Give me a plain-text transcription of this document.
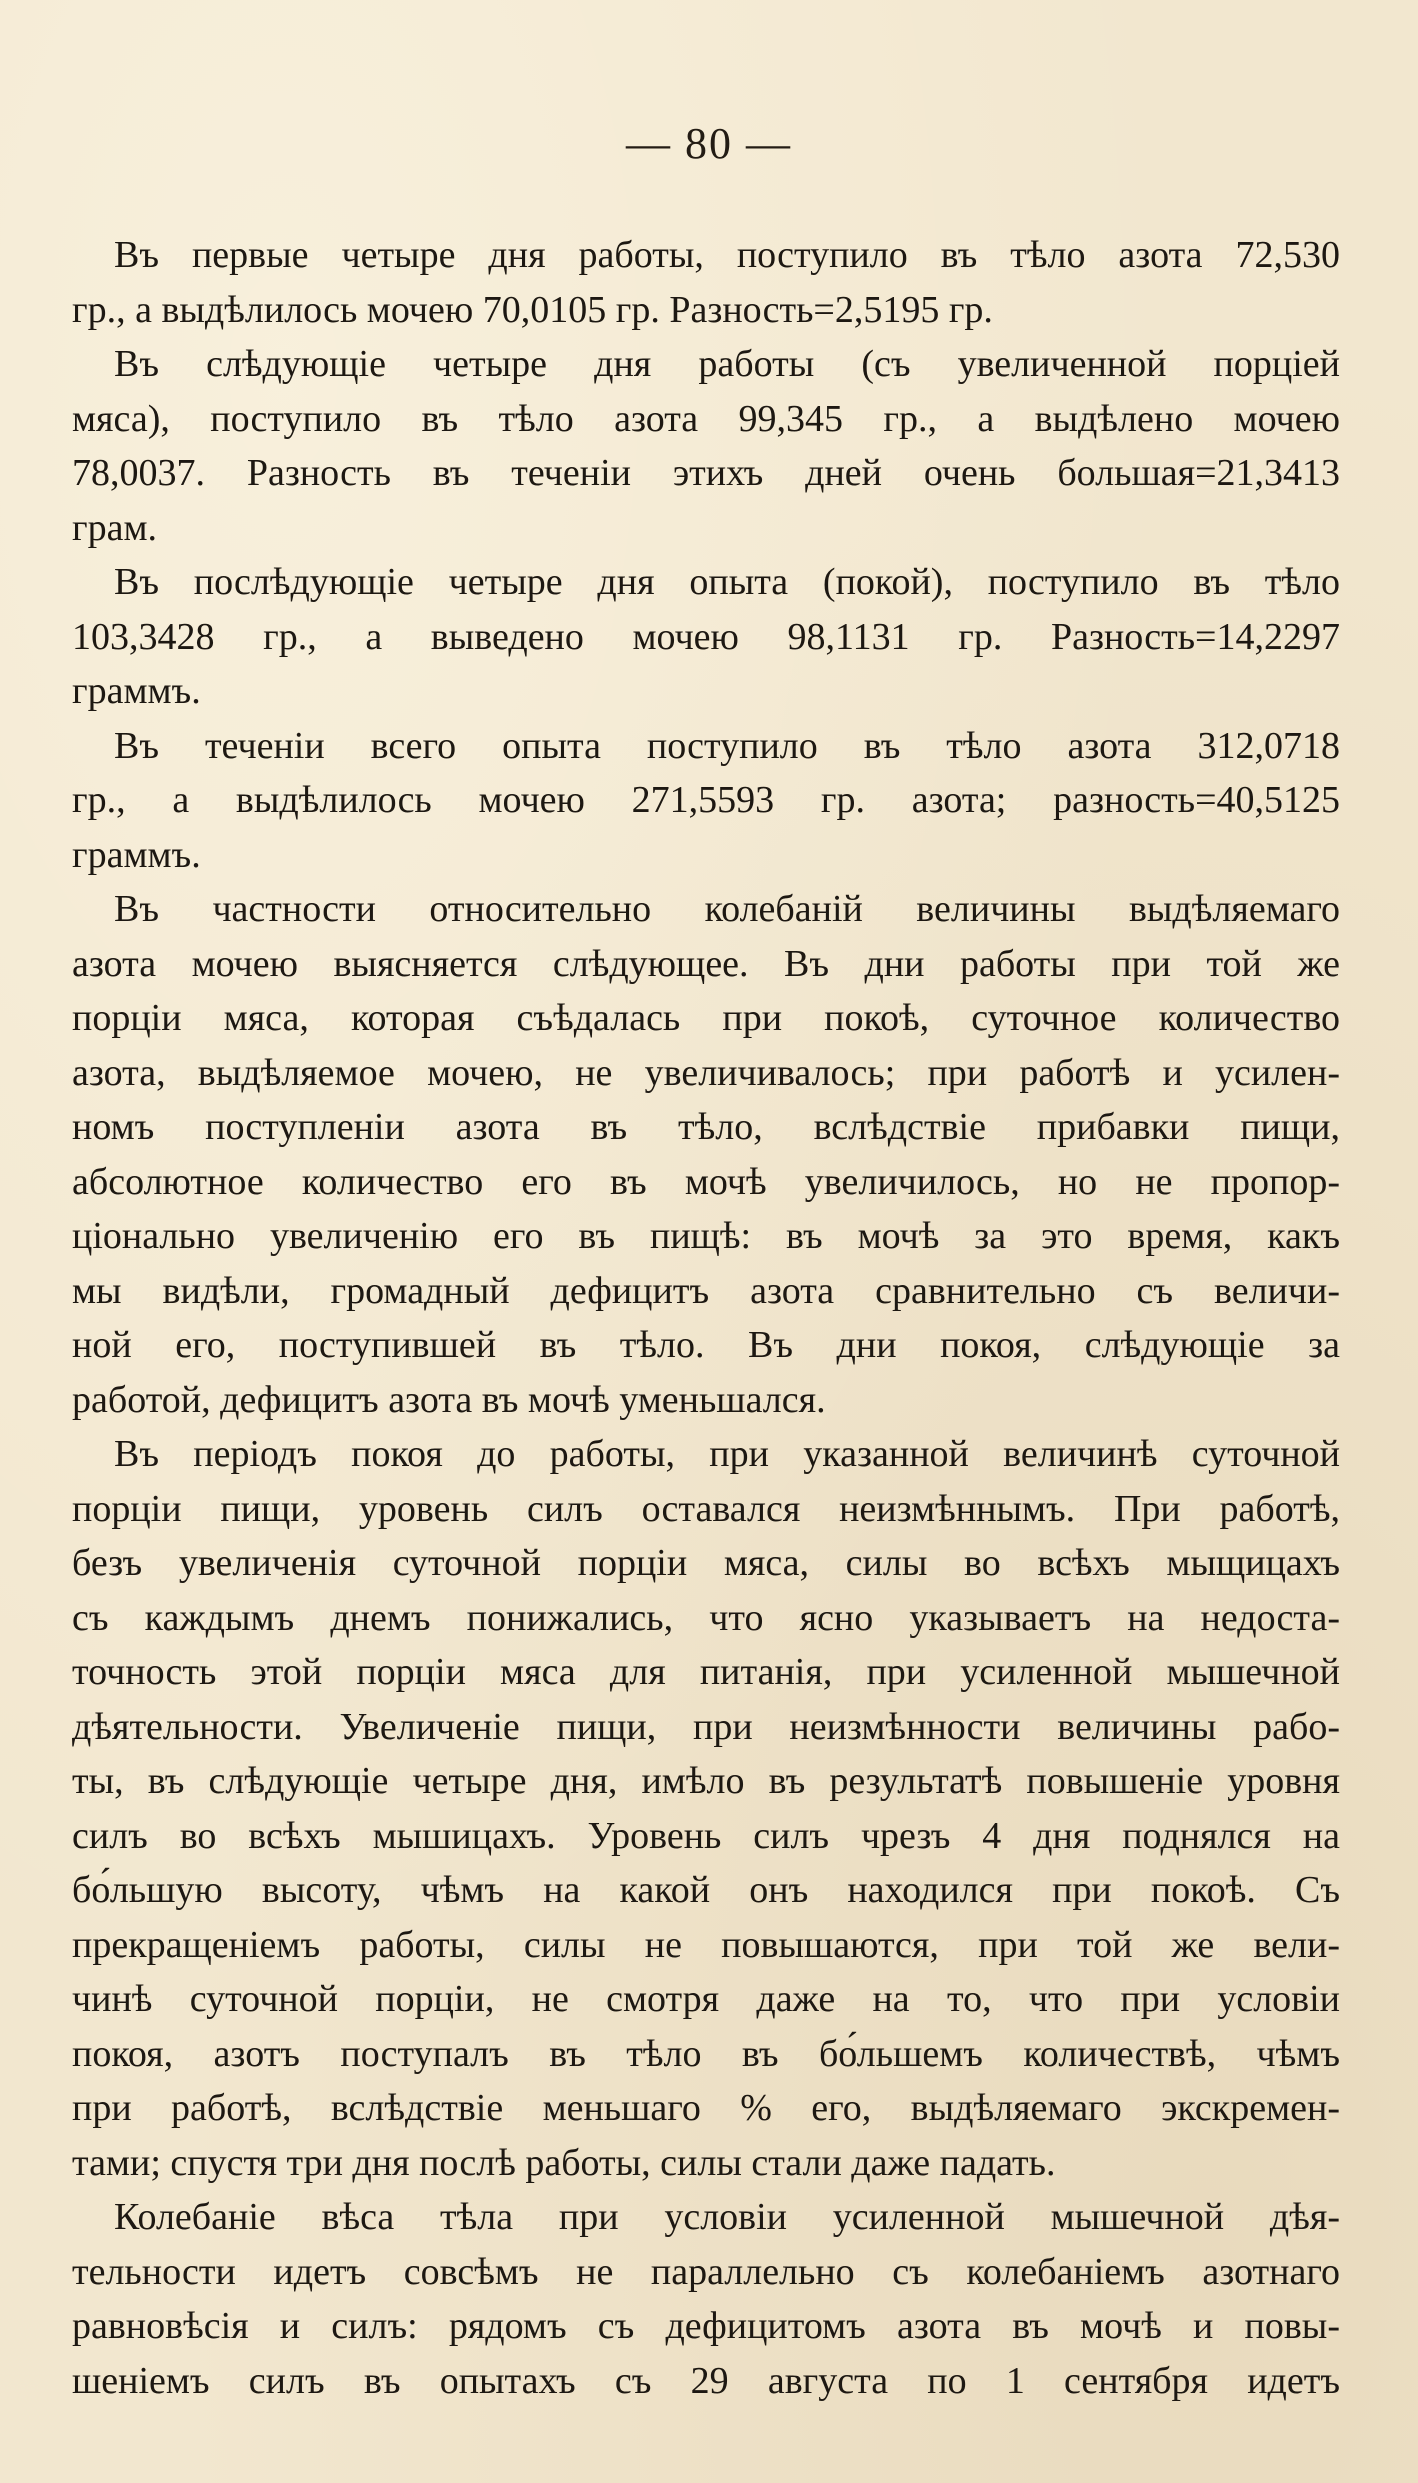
— 80 —
Въ первые четыре дня работы, поступило въ тѣло азота 72,530
гр., а выдѣлилось мочею 70,0105 гр. Разность=2,5195 гр.
Въ слѣдующіе четыре дня работы (съ увеличенной порціей
мяса), поступило въ тѣло азота 99,345 гр., а выдѣлено мочею
78,0037. Разность въ теченіи этихъ дней очень большая=21,3413
грам.
Въ послѣдующіе четыре дня опыта (покой), поступило въ тѣло
103,3428 гр., а выведено мочею 98,1131 гр. Разность=14,2297
граммъ.
Въ теченіи всего опыта поступило въ тѣло азота 312,0718
гр., а выдѣлилось мочею 271,5593 гр. азота; разность=40,5125
граммъ.
Въ частности относительно колебаній величины выдѣляемаго
азота мочею выясняется слѣдующее. Въ дни работы при той же
порціи мяса, которая съѣдалась при покоѣ, суточное количество
азота, выдѣляемое мочею, не увеличивалось; при работѣ и усилен-
номъ поступленіи азота въ тѣло, вслѣдствіе прибавки пищи,
абсолютное количество его въ мочѣ увеличилось, но не пропор-
ціонально увеличенію его въ пищѣ: въ мочѣ за это время, какъ
мы видѣли, громадный дефицитъ азота сравнительно съ величи-
ной его, поступившей въ тѣло. Въ дни покоя, слѣдующіе за
работой, дефицитъ азота въ мочѣ уменьшался.
Въ періодъ покоя до работы, при указанной величинѣ суточной
порціи пищи, уровень силъ оставался неизмѣннымъ. При работѣ,
безъ увеличенія суточной порціи мяса, силы во всѣхъ мыщицахъ
съ каждымъ днемъ понижались, что ясно указываетъ на недоста-
точность этой порціи мяса для питанія, при усиленной мышечной
дѣятельности. Увеличеніе пищи, при неизмѣнности величины рабо-
ты, въ слѣдующіе четыре дня, имѣло въ результатѣ повышеніе уровня
силъ во всѣхъ мышицахъ. Уровень силъ чрезъ 4 дня поднялся на
бо́льшую высоту, чѣмъ на какой онъ находился при покоѣ. Съ
прекращеніемъ работы, силы не повышаются, при той же вели-
чинѣ суточной порціи, не смотря даже на то, что при условіи
покоя, азотъ поступалъ въ тѣло въ бо́льшемъ количествѣ, чѣмъ
при работѣ, вслѣдствіе меньшаго % его, выдѣляемаго экскремен-
тами; спустя три дня послѣ работы, силы стали даже падать.
Колебаніе вѣса тѣла при условіи усиленной мышечной дѣя-
тельности идетъ совсѣмъ не параллельно съ колебаніемъ азотнаго
равновѣсія и силъ: рядомъ съ дефицитомъ азота въ мочѣ и повы-
шеніемъ силъ въ опытахъ съ 29 августа по 1 сентября идетъ
